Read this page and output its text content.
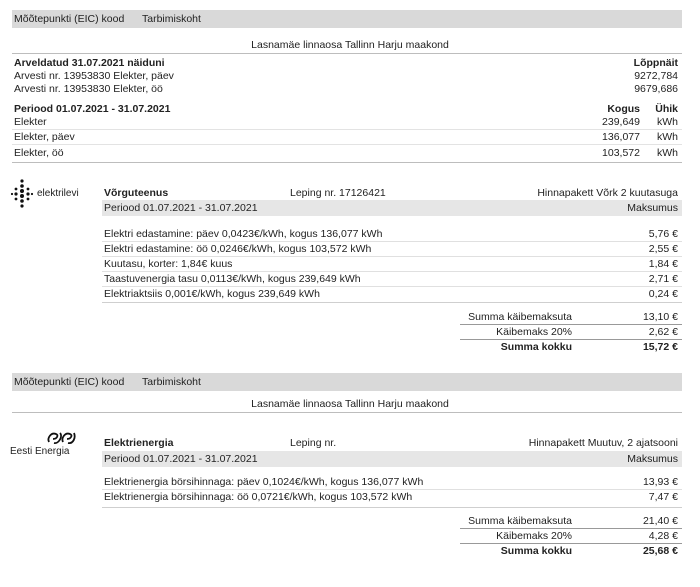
Mõõtepunkti (EIC) kood Tarbimiskoht
Lasnamäe linnaosa Tallinn Harju maakond
Arveldatud 31.07.2021 näiduni	Lõppnäit
Arvesti nr. 13953830 Elekter, päev	9272,784
Arvesti nr. 13953830 Elekter, öö	9679,686
Periood 01.07.2021 - 31.07.2021	Kogus Ühik
Elekter	239,649 kWh
Elekter, päev	136,077 kWh
Elekter, öö	103,572 kWh
elektrilevi Võrguteenus	Leping nr. 17126421	Hinnapakett Võrk 2 kuutasuga
Periood 01.07.2021 - 31.07.2021	Maksumus
Elektri edastamine: päev 0,0423€/kWh, kogus 136,077 kWh	5,76 €
Elektri edastamine: öö 0,0246€/kWh, kogus 103,572 kWh	2,55 €
Kuutasu, korter: 1,84€ kuus	1,84 €
Taastuvenergia tasu 0,0113€/kWh, kogus 239,649 kWh	2,71 €
Elektriaktsiis 0,001€/kWh, kogus 239,649 kWh	0,24 €
Summa käibemaksuta	13,10 €
Käibemaks 20%	2,62 €
Summa kokku	15,72 €
Mõõtepunkti (EIC) kood Tarbimiskoht
Lasnamäe linnaosa Tallinn Harju maakond
Eesti Energia
Elektrienergia	Leping nr.	Hinnapakett Muutuv, 2 ajatsooni
Periood 01.07.2021 - 31.07.2021	Maksumus
Elektrienergia börsihinnaga: päev 0,1024€/kWh, kogus 136,077 kWh	13,93 €
Elektrienergia börsihinnaga: öö 0,0721€/kWh, kogus 103,572 kWh	7,47 €
Summa käibemaksuta	21,40 €
Käibemaks 20%	4,28 €
Summa kokku	25,68 €
